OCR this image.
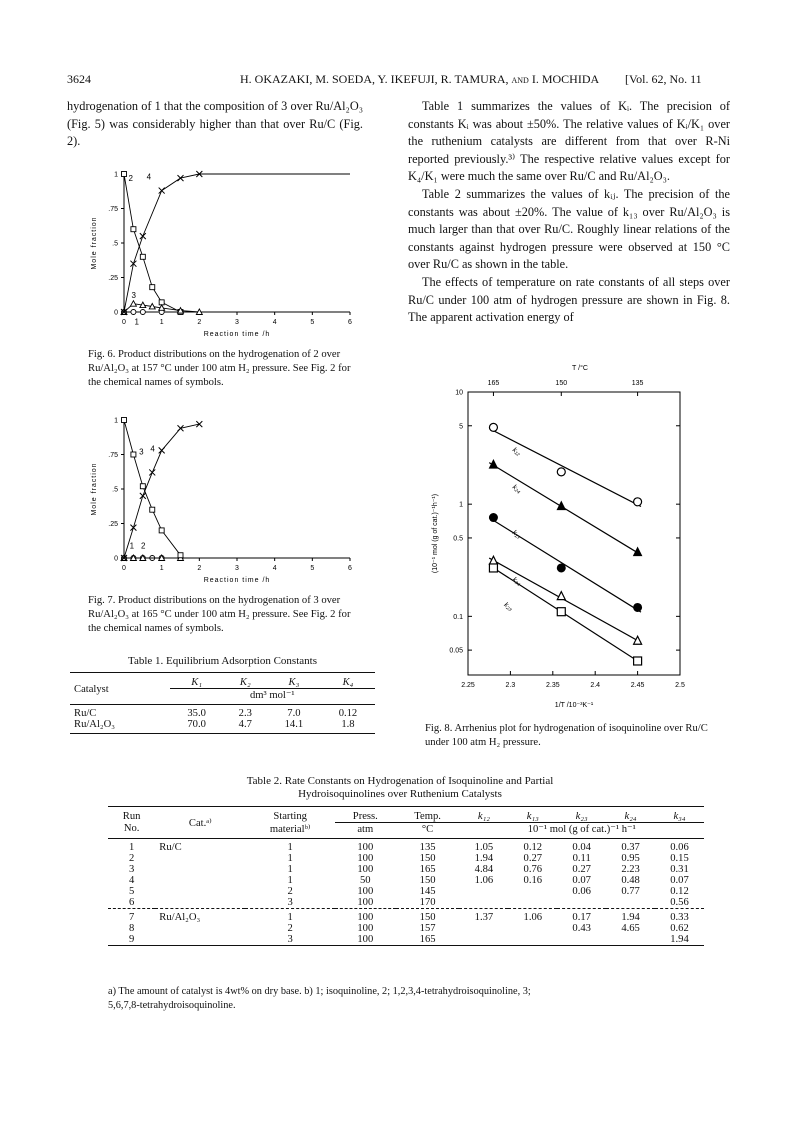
3624	H. OKAZAKI, M. SOEDA, Y. IKEFUJI, R. TAMURA, and I. MOCHIDA [Vol. 62, No. 11

hydrogenation of 1 that the composition of 3 over Ru/Al₂O₃ (Fig. 5) was considerably higher than that over Ru/C (Fig. 2).

Table 1 summarizes the values of Kᵢ. The precision of constants Kᵢ was about ±50%. The relative values of Kᵢ/K₁ over the ruthenium catalysts are different from that over R-Ni reported previously.³⁾ The respective relative values except for K₄/K₁ were much the same over Ru/C and Ru/Al₂O₃.

Table 2 summarizes the values of kᵢⱼ. The precision of the constants was about ±20%. The value of k₁₃ over Ru/Al₂O₃ is much larger than that over Ru/C. Roughly linear relations of the constants against hydrogen pressure were observed at 150 °C over Ru/C as shown in the table.

The effects of temperature on rate constants of all steps over Ru/C under 100 atm of hydrogen pressure are shown in Fig. 8. The apparent activation energy of

0	1	2	3	4	5	6
0
.25
.5
.75
1
Reaction time /h
Mole fraction
1
2
3
4

Fig. 6. Product distributions on the hydrogenation of 2 over Ru/Al₂O₃ at 157 °C under 100 atm H₂ pressure. See Fig. 2 for the chemical names of symbols.

0	1	2	3	4	5	6
0
.25
.5
.75
1
Reaction time /h
Mole fraction
1 2
3 4

Fig. 7. Product distributions on the hydrogenation of 3 over Ru/Al₂O₃ at 165 °C under 100 atm H₂ pressure. See Fig. 2 for the chemical names of symbols.

T /°C
165	150	135
2.25	2.3	2.35	2.4	2.45	2.5
1/T /10⁻³K⁻¹
10
5
1
0.5
0.1
0.05
(10⁻¹ mol (g of cat.)⁻¹h⁻¹)
k₁₂
k₂₄
k₁₃
k₃₄
k₂₃

Fig. 8. Arrhenius plot for hydrogenation of isoquinoline over Ru/C under 100 atm H₂ pressure.

Table 1. Equilibrium Adsorption Constants
Catalyst	K₁	K₂	K₃	K₄
	dm³ mol⁻¹			
Ru/C	35.0	2.3	7.0	0.12
Ru/Al₂O₃	70.0	4.7	14.1	1.8
Table 2. Rate Constants on Hydrogenation of Isoquinoline and Partial
Hydroisoquinolines over Ruthenium Catalysts
Run	Cat.ᵃ⁾	Starting	Press.	Temp.	k₁₂	k₁₃	k₂₃	k₂₄	k₃₄
No.		materialᵇ⁾	atm	°C	10⁻¹ mol (g of cat.)⁻¹ h⁻¹				
1	Ru/C	1	100	135	1.05	0.12	0.04	0.37	0.06
2		1	100	150	1.94	0.27	0.11	0.95	0.15
3		1	100	165	4.84	0.76	0.27	2.23	0.31
4		1	50	150	1.06	0.16	0.07	0.48	0.07
5		2	100	145			0.06	0.77	0.12
6		3	100	170					0.56
7	Ru/Al₂O₃	1	100	150	1.37	1.06	0.17	1.94	0.33
8		2	100	157			0.43	4.65	0.62
9		3	100	165					1.94
a) The amount of catalyst is 4wt% on dry base. b) 1; isoquinoline, 2; 1,2,3,4-tetrahydroisoquinoline, 3;
5,6,7,8-tetrahydroisoquinoline.
